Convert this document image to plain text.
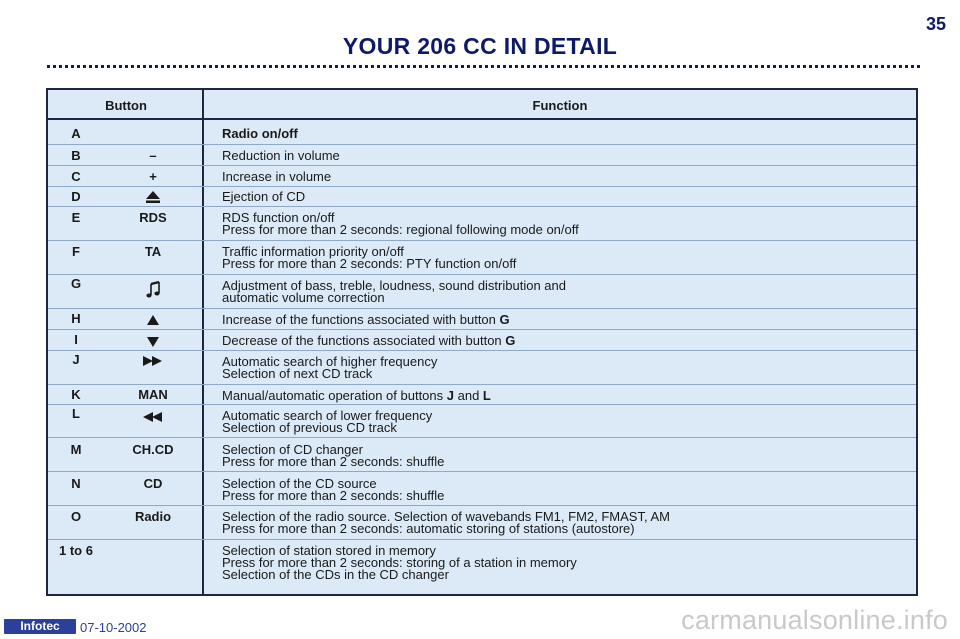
YOUR 206 CC IN DETAIL
35
Button	Function
A	Radio on/off
B	–	Reduction in volume
C	+	Increase in volume
D	Ejection of CD
E	RDS	RDS function on/off
Press for more than 2 seconds: regional following mode on/off
F	TA	Traffic information priority on/off
Press for more than 2 seconds: PTY function on/off
G	Adjustment of bass, treble, loudness, sound distribution and
automatic volume correction
H	Increase of the functions associated with button G
I	Decrease of the functions associated with button G
J	Automatic search of higher frequency
Selection of next CD track
K	MAN	Manual/automatic operation of buttons J and L
L	Automatic search of lower frequency
Selection of previous CD track
M	CH.CD	Selection of CD changer
Press for more than 2 seconds: shuffle
N	CD	Selection of the CD source
Press for more than 2 seconds: shuffle
O	Radio	Selection of the radio source. Selection of wavebands FM1, FM2, FMAST, AM
Press for more than 2 seconds: automatic storing of stations (autostore)
1 to 6	Selection of station stored in memory
Press for more than 2 seconds: storing of a station in memory
Selection of the CDs in the CD changer
Infotec	07-10-2002	carmanualsonline.info
